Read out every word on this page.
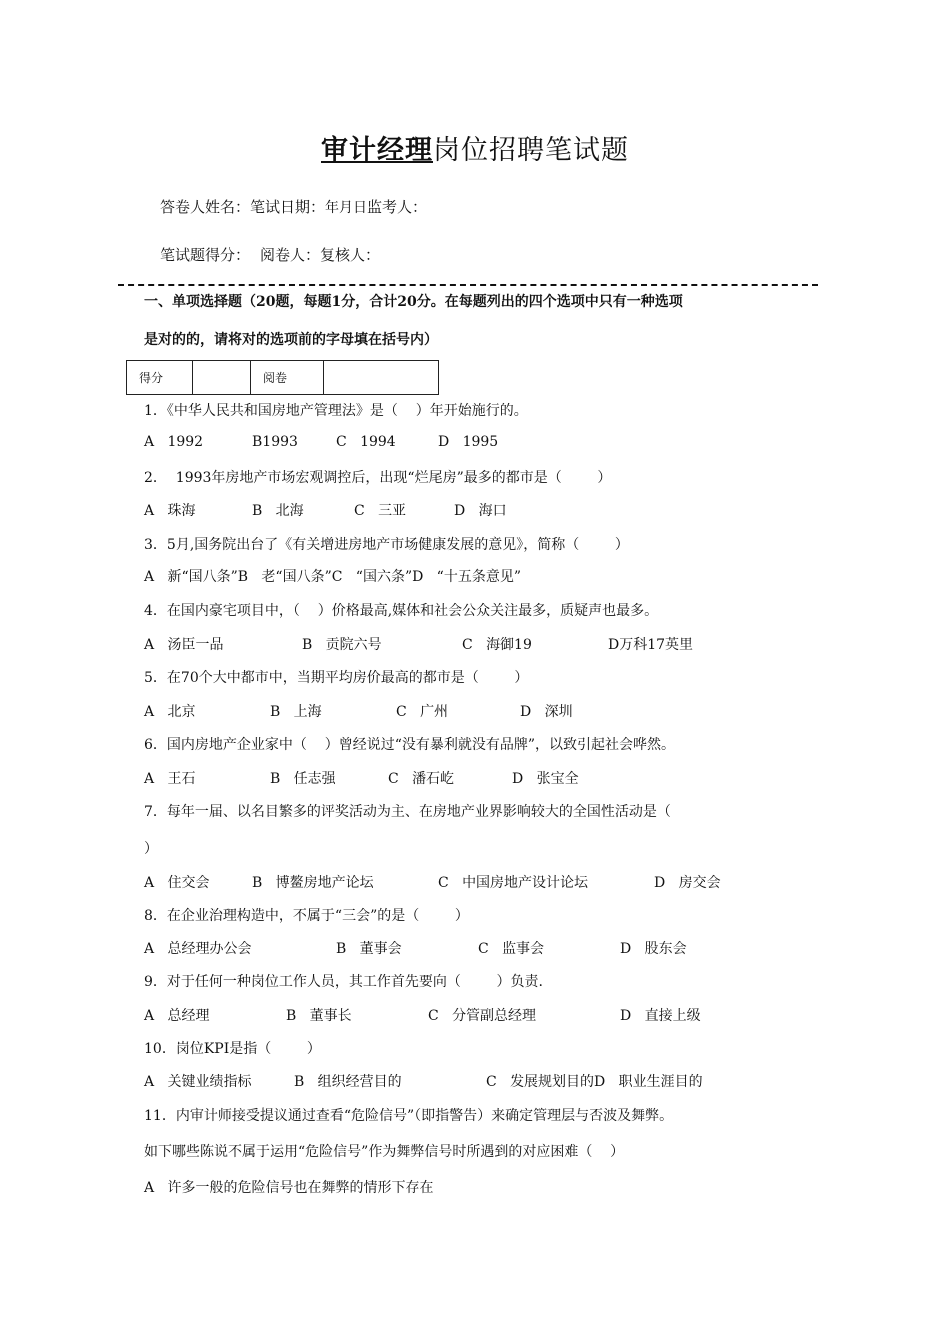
审计经理岗位招聘笔试题
答卷人姓名：笔试日期：年月日监考人：
笔试题得分： 阅卷人：复核人：
一、单项选择题（20题，每题1分，合计20分。在每题列出的四个选项中只有一种选项
是对的的，请将对的选项前的字母填在括号内）
得分		阅卷	
1．《中华人民共和国房地产管理法》是（    ）年开始施行的。
A   1992	B1993	C   1994	D   1995
2．  1993年房地产市场宏观调控后，出现“烂尾房”最多的都市是（        ）
A   珠海	B   北海	C   三亚	D   海口
3．5月,国务院出台了《有关增进房地产市场健康发展的意见》，简称（        ）
A   新“国八条”B   老“国八条”C   “国六条”D   “十五条意见”
4．在国内豪宅项目中，（    ）价格最高,媒体和社会公众关注最多，质疑声也最多。
A   汤臣一品	B   贡院六号	C   海御19	D万科17英里
5．在70个大中都市中，当期平均房价最高的都市是（        ）
A   北京	B   上海	C   广州	D   深圳
6．国内房地产企业家中（    ）曾经说过“没有暴利就没有品牌”，以致引起社会哗然。
A   王石	B   任志强	C   潘石屹	D   张宝全
7．每年一届、以名目繁多的评奖活动为主、在房地产业界影响较大的全国性活动是（
）
A   住交会	B   博鳌房地产论坛	C   中国房地产设计论坛	D   房交会
8．在企业治理构造中，不属于“三会”的是（        ）
A   总经理办公会	B   董事会	C   监事会	D   股东会
9．对于任何一种岗位工作人员，其工作首先要向（        ）负责.
A   总经理	B   董事长	C   分管副总经理	D   直接上级
10．岗位KPI是指（        ）
A   关键业绩指标	B   组织经营目的	C   发展规划目的D   职业生涯目的
11．内审计师接受提议通过查看“危险信号”（即指警告）来确定管理层与否波及舞弊。
如下哪些陈说不属于运用“危险信号”作为舞弊信号时所遇到的对应困难（    ）
A   许多一般的危险信号也在舞弊的情形下存在
